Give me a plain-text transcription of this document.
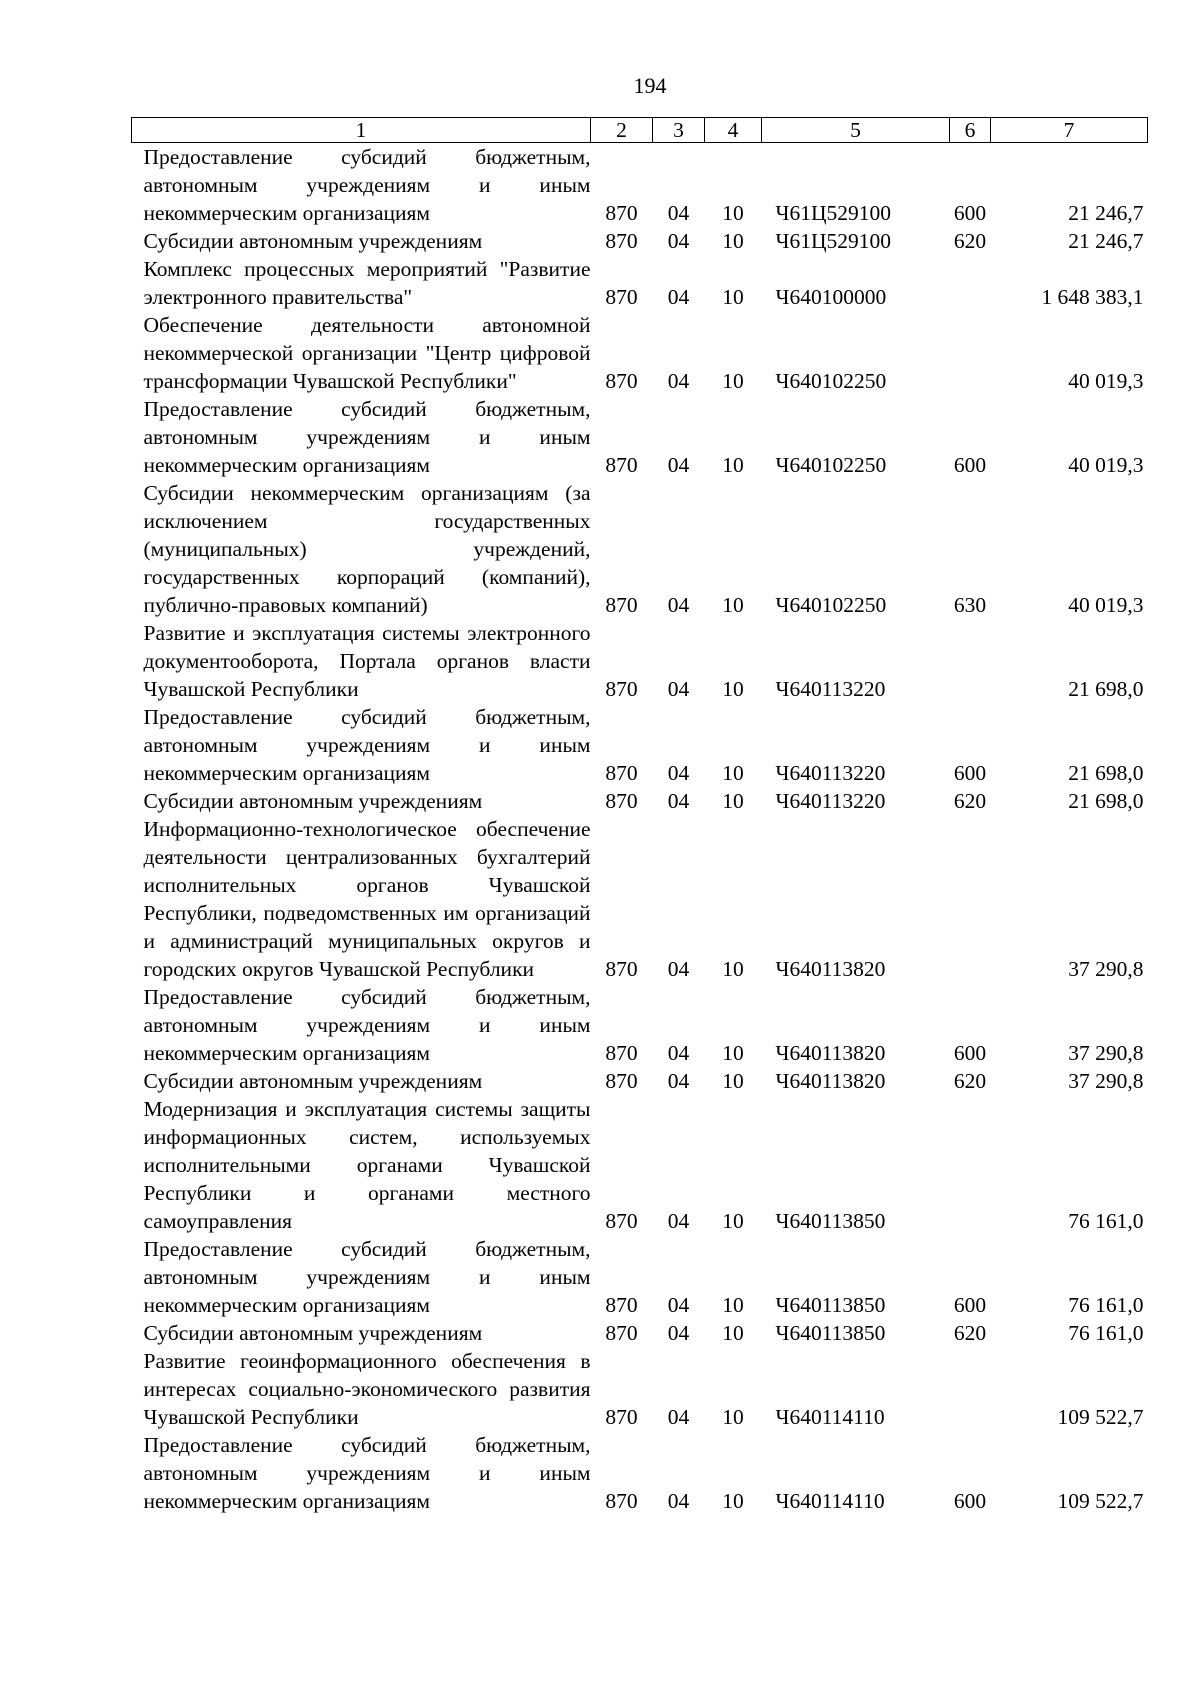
194
1	2	3	4	5	6	7
Предоставление субсидий бюджетным, автономным учреждениям и иным некоммерческим организациям	870	04	10	Ч61Ц529100	600	21 246,7
Субсидии автономным учреждениям	870	04	10	Ч61Ц529100	620	21 246,7
Комплекс процессных мероприятий "Развитие электронного правительства"	870	04	10	Ч640100000		1 648 383,1
Обеспечение деятельности автономной некоммерческой организации "Центр цифровой трансформации Чувашской Республики"	870	04	10	Ч640102250		40 019,3
Предоставление субсидий бюджетным, автономным учреждениям и иным некоммерческим организациям	870	04	10	Ч640102250	600	40 019,3
Субсидии некоммерческим организациям (за исключением государственных (муниципальных) учреждений, государственных корпораций (компаний), публично-правовых компаний)	870	04	10	Ч640102250	630	40 019,3
Развитие и эксплуатация системы электронного документооборота, Портала органов власти Чувашской Республики	870	04	10	Ч640113220		21 698,0
Предоставление субсидий бюджетным, автономным учреждениям и иным некоммерческим организациям	870	04	10	Ч640113220	600	21 698,0
Субсидии автономным учреждениям	870	04	10	Ч640113220	620	21 698,0
Информационно-технологическое обеспечение деятельности централизованных бухгалтерий исполнительных органов Чувашской Республики, подведомственных им организаций и администраций муниципальных округов и городских округов Чувашской Республики	870	04	10	Ч640113820		37 290,8
Предоставление субсидий бюджетным, автономным учреждениям и иным некоммерческим организациям	870	04	10	Ч640113820	600	37 290,8
Субсидии автономным учреждениям	870	04	10	Ч640113820	620	37 290,8
Модернизация и эксплуатация системы защиты информационных систем, используемых исполнительными органами Чувашской Республики и органами местного самоуправления	870	04	10	Ч640113850		76 161,0
Предоставление субсидий бюджетным, автономным учреждениям и иным некоммерческим организациям	870	04	10	Ч640113850	600	76 161,0
Субсидии автономным учреждениям	870	04	10	Ч640113850	620	76 161,0
Развитие геоинформационного обеспечения в интересах социально-экономического развития Чувашской Республики	870	04	10	Ч640114110		109 522,7
Предоставление субсидий бюджетным, автономным учреждениям и иным некоммерческим организациям	870	04	10	Ч640114110	600	109 522,7
